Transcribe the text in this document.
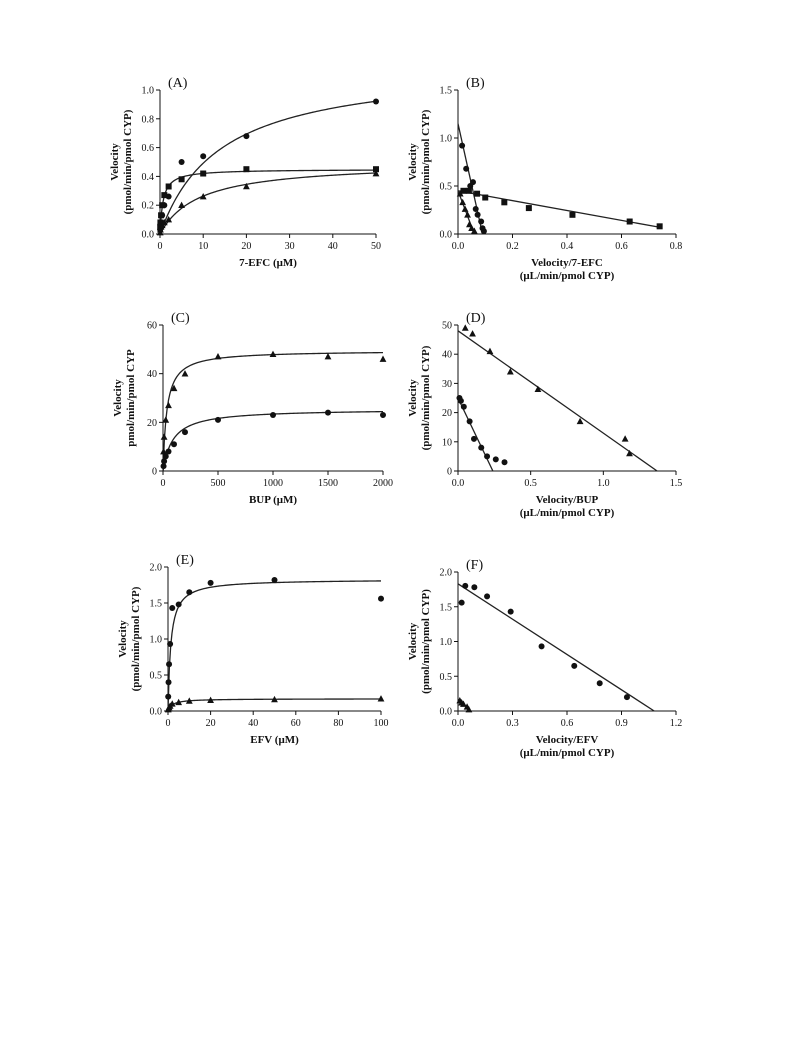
0	10	20	30	40	50
0.0
0.2
0.4
0.6
0.8
1.0 (A)
7-EFC (μM)
Velocity (pmol/min/pmol CYP)
0.0	0.2	0.4	0.6	0.8
0.0
0.5
1.0
1.5 (B)
Velocity/7-EFC
(μL/min/pmol CYP)
Velocity (pmol/min/pmol CYP)
0	500	1000	1500	2000
0
20
40
60 (C)
BUP (μM)
Velocity pmol/min/pmol CYP
0.0	0.5	1.0	1.5
0
10
20
30
40
50 (D)
Velocity/BUP
(μL/min/pmol CYP)
Velocity (pmol/min/pmol CYP)
0	20	40	60	80	100
0.0
0.5
1.0
1.5
2.0 (E)
EFV (μM)
Velocity (pmol/min/pmol CYP)
0.0	0.3	0.6	0.9	1.2
0.0
0.5
1.0
1.5
2.0 (F)
Velocity/EFV
(μL/min/pmol CYP)
Velocity (pmol/min/pmol CYP)
